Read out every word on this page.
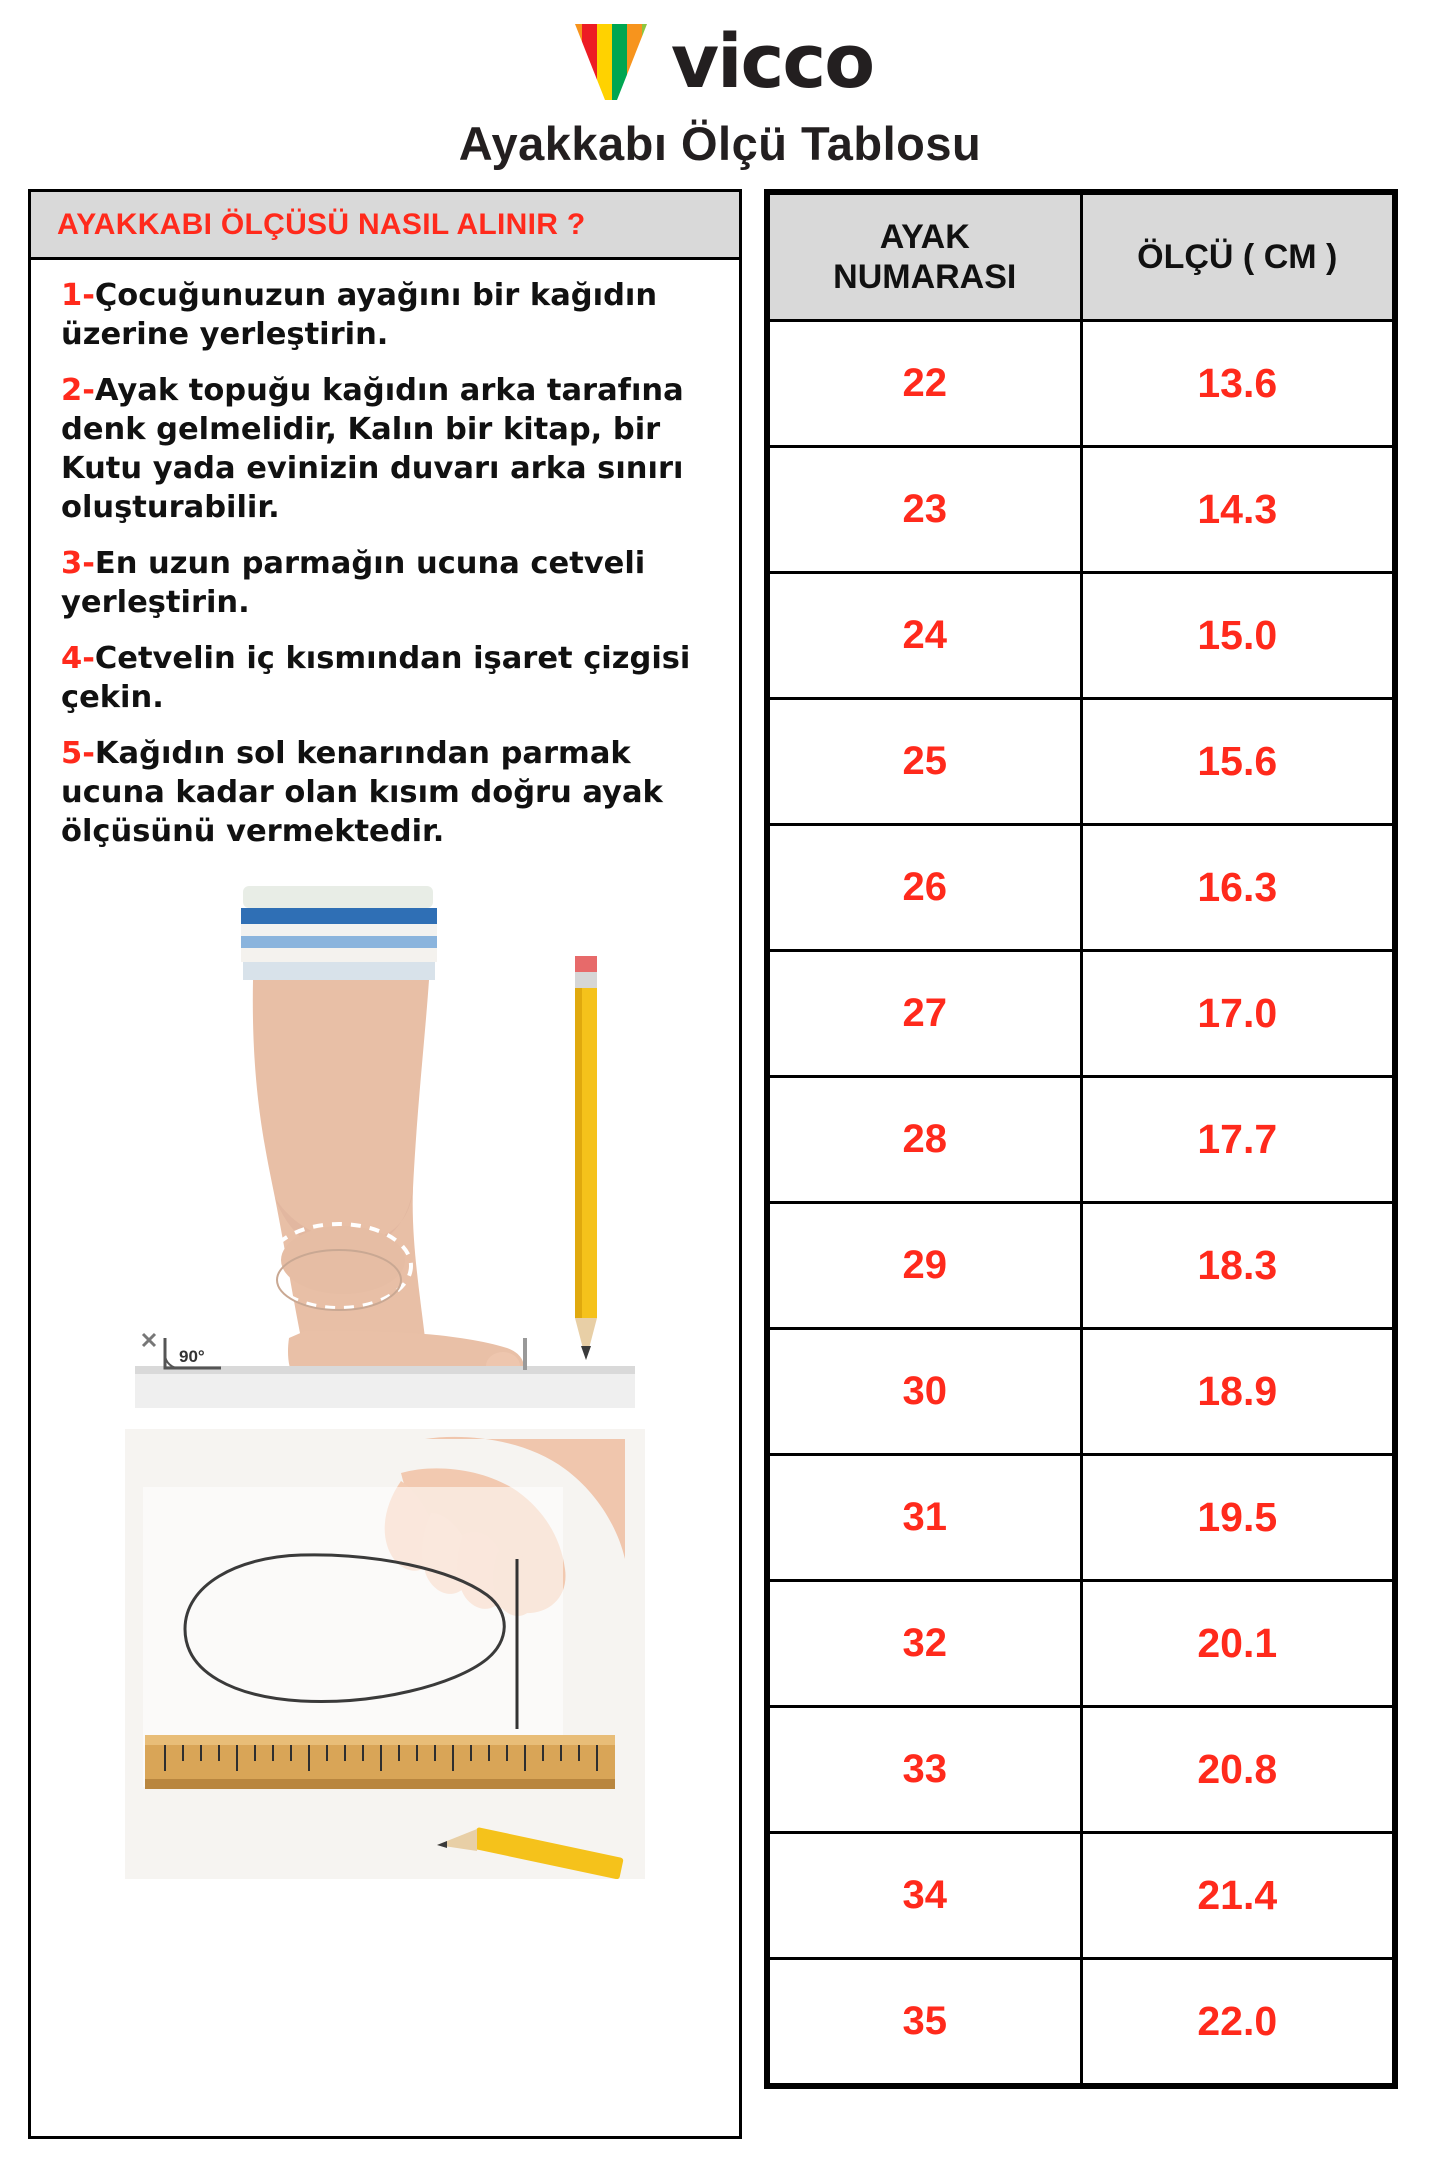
vicco
Ayakkabı Ölçü Tablosu
AYAKKABI ÖLÇÜSÜ NASIL ALINIR ?
1-Çocuğunuzun ayağını bir kağıdın üzerine yerleştirin.
2-Ayak topuğu kağıdın arka tarafına denk gelmelidir, Kalın bir kitap, bir Kutu yada evinizin duvarı arka sınırı oluşturabilir.
3-En uzun parmağın ucuna cetveli yerleştirin.
4-Cetvelin iç kısmından işaret çizgisi çekin.
5-Kağıdın sol kenarından parmak ucuna kadar olan kısım doğru ayak ölçüsünü vermektedir.
90°
AYAK
NUMARASI	ÖLÇÜ ( CM )
22	13.6
23	14.3
24	15.0
25	15.6
26	16.3
27	17.0
28	17.7
29	18.3
30	18.9
31	19.5
32	20.1
33	20.8
34	21.4
35	22.0
